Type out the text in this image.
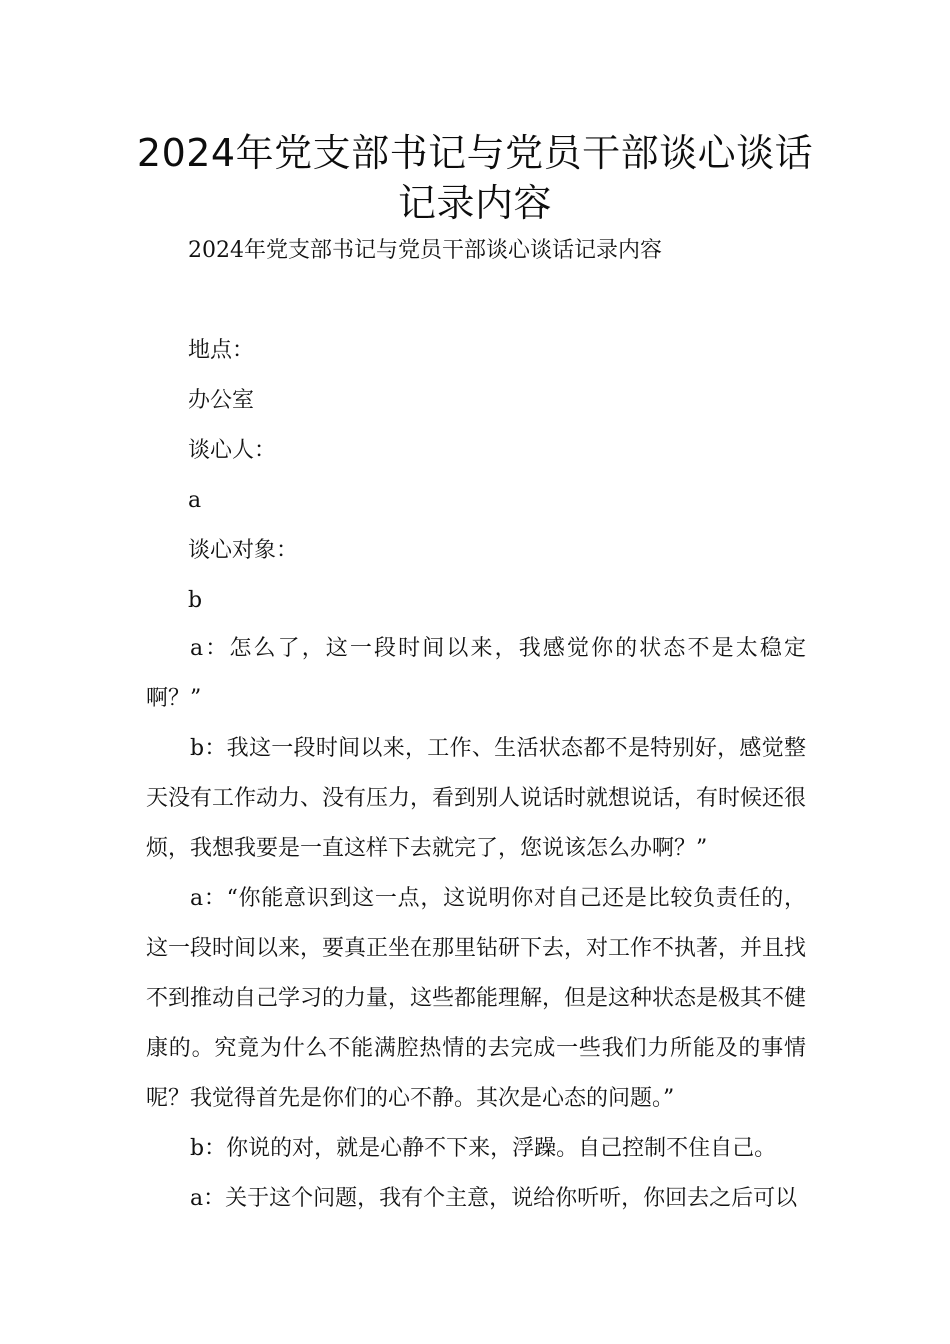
2024年党支部书记与党员干部谈心谈话记录内容
2024年党支部书记与党员干部谈心谈话记录内容
地点：
办公室
谈心人：
a
谈心对象：
b
a：怎么了，这一段时间以来，我感觉你的状态不是太稳定啊？”
b：我这一段时间以来，工作、生活状态都不是特别好，感觉整天没有工作动力、没有压力，看到别人说话时就想说话，有时候还很烦，我想我要是一直这样下去就完了，您说该怎么办啊？”
a：“你能意识到这一点，这说明你对自己还是比较负责任的，这一段时间以来，要真正坐在那里钻研下去，对工作不执著，并且找不到推动自己学习的力量，这些都能理解，但是这种状态是极其不健康的。究竟为什么不能满腔热情的去完成一些我们力所能及的事情呢？我觉得首先是你们的心不静。其次是心态的问题。”
b：你说的对，就是心静不下来，浮躁。自己控制不住自己。
a：关于这个问题，我有个主意，说给你听听，你回去之后可以
